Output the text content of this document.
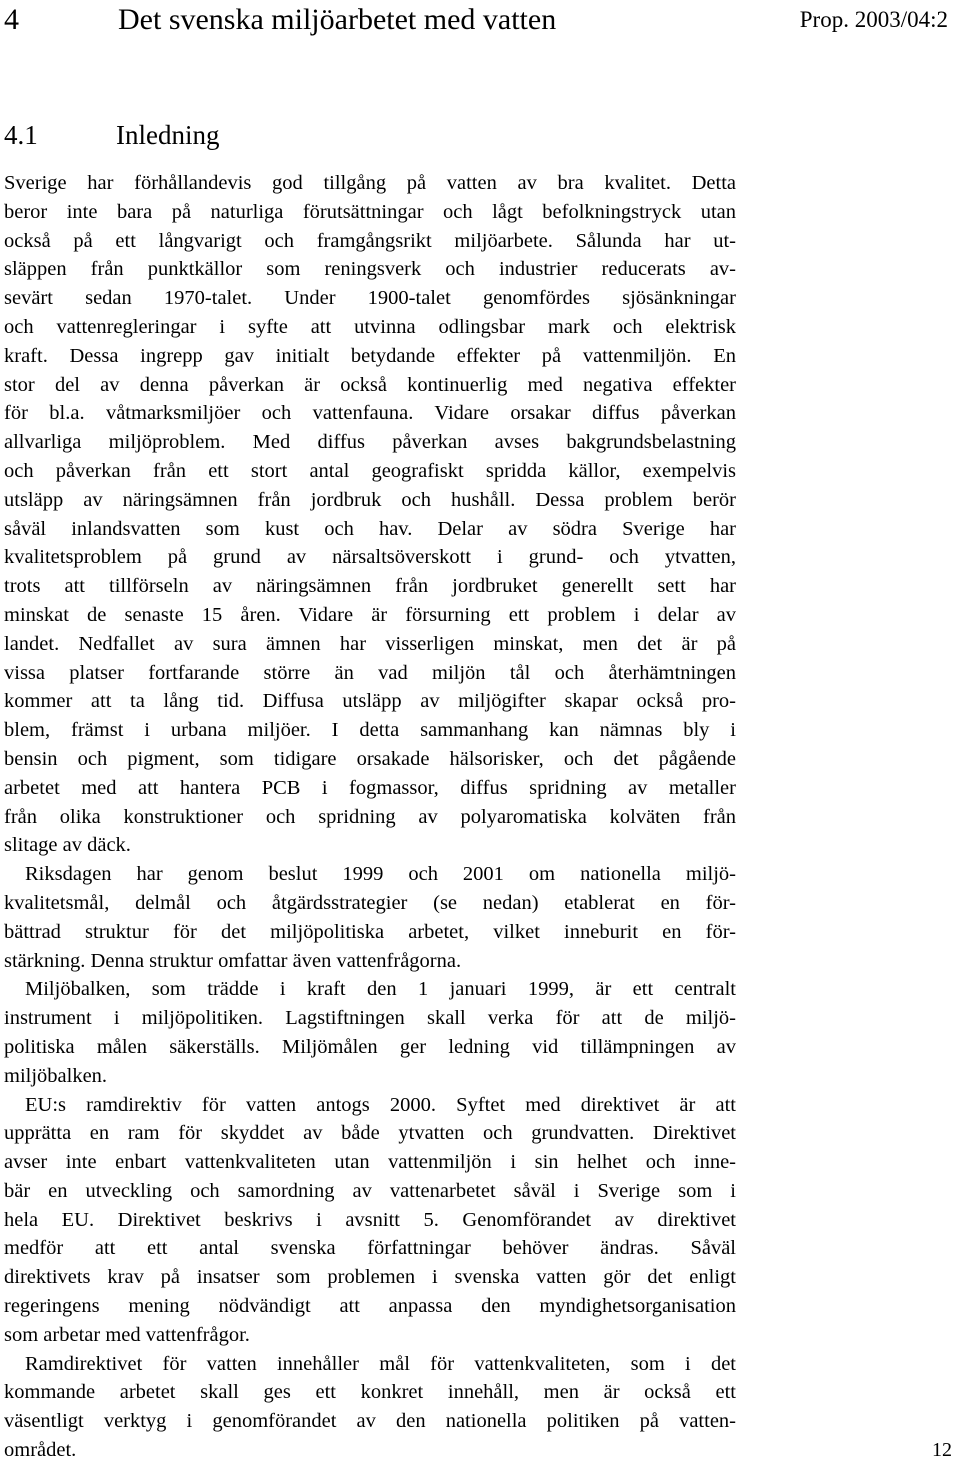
4	Det svenska miljöarbetet med vatten	Prop. 2003/04:2
4.1	Inledning
Sverige har förhållandevis god tillgång på vatten av bra kvalitet. Detta
beror inte bara på naturliga förutsättningar och lågt befolkningstryck utan
också på ett långvarigt och framgångsrikt miljöarbete. Sålunda har ut-
släppen från punktkällor som reningsverk och industrier reducerats av-
sevärt sedan 1970-talet. Under 1900-talet genomfördes sjösänkningar
och vattenregleringar i syfte att utvinna odlingsbar mark och elektrisk
kraft. Dessa ingrepp gav initialt betydande effekter på vattenmiljön. En
stor del av denna påverkan är också kontinuerlig med negativa effekter
för bl.a. våtmarksmiljöer och vattenfauna. Vidare orsakar diffus påverkan
allvarliga miljöproblem. Med diffus påverkan avses bakgrundsbelastning
och påverkan från ett stort antal geografiskt spridda källor, exempelvis
utsläpp av näringsämnen från jordbruk och hushåll. Dessa problem berör
såväl inlandsvatten som kust och hav. Delar av södra Sverige har
kvalitetsproblem på grund av närsaltsöverskott i grund- och ytvatten,
trots att tillförseln av näringsämnen från jordbruket generellt sett har
minskat de senaste 15 åren. Vidare är försurning ett problem i delar av
landet. Nedfallet av sura ämnen har visserligen minskat, men det är på
vissa platser fortfarande större än vad miljön tål och återhämtningen
kommer att ta lång tid. Diffusa utsläpp av miljögifter skapar också pro-
blem, främst i urbana miljöer. I detta sammanhang kan nämnas bly i
bensin och pigment, som tidigare orsakade hälsorisker, och det pågående
arbetet med att hantera PCB i fogmassor, diffus spridning av metaller
från olika konstruktioner och spridning av polyaromatiska kolväten från
slitage av däck.
Riksdagen har genom beslut 1999 och 2001 om nationella miljö-
kvalitetsmål, delmål och åtgärdsstrategier (se nedan) etablerat en för-
bättrad struktur för det miljöpolitiska arbetet, vilket inneburit en för-
stärkning. Denna struktur omfattar även vattenfrågorna.
Miljöbalken, som trädde i kraft den 1 januari 1999, är ett centralt
instrument i miljöpolitiken. Lagstiftningen skall verka för att de miljö-
politiska målen säkerställs. Miljömålen ger ledning vid tillämpningen av
miljöbalken.
EU:s ramdirektiv för vatten antogs 2000. Syftet med direktivet är att
upprätta en ram för skyddet av både ytvatten och grundvatten. Direktivet
avser inte enbart vattenkvaliteten utan vattenmiljön i sin helhet och inne-
bär en utveckling och samordning av vattenarbetet såväl i Sverige som i
hela EU. Direktivet beskrivs i avsnitt 5. Genomförandet av direktivet
medför att ett antal svenska författningar behöver ändras. Såväl
direktivets krav på insatser som problemen i svenska vatten gör det enligt
regeringens mening nödvändigt att anpassa den myndighetsorganisation
som arbetar med vattenfrågor.
Ramdirektivet för vatten innehåller mål för vattenkvaliteten, som i det
kommande arbetet skall ges ett konkret innehåll, men är också ett
väsentligt verktyg i genomförandet av den nationella politiken på vatten-
området.	12
